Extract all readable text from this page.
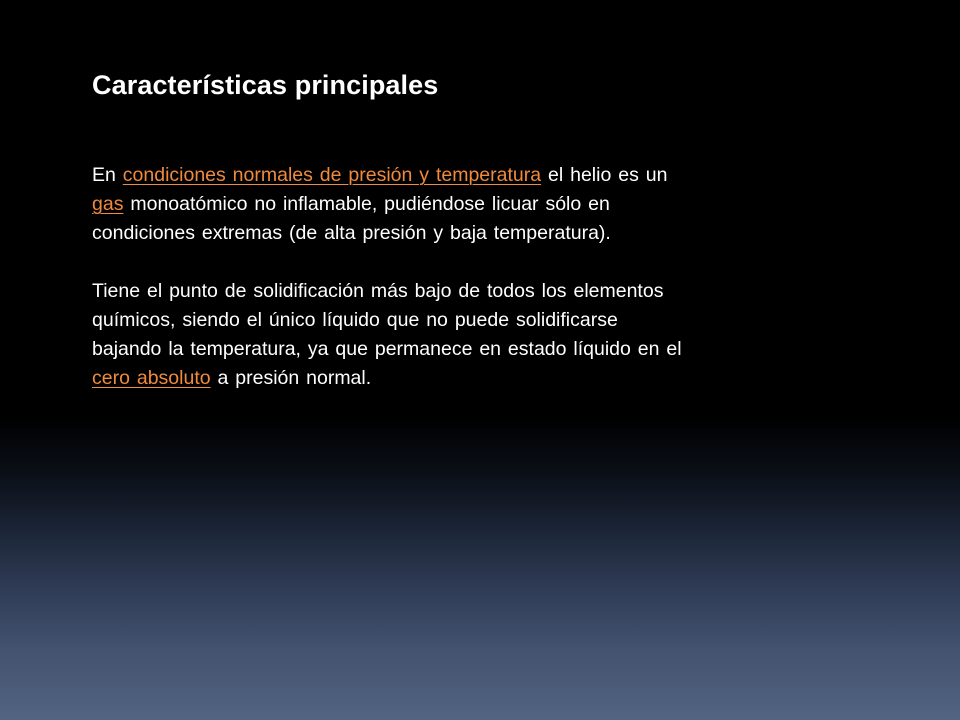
Características principales
En condiciones normales de presión y temperatura el helio es un
gas monoatómico no inflamable, pudiéndose licuar sólo en
condiciones extremas (de alta presión y baja temperatura).
Tiene el punto de solidificación más bajo de todos los elementos
químicos, siendo el único líquido que no puede solidificarse
bajando la temperatura, ya que permanece en estado líquido en el
cero absoluto a presión normal.
